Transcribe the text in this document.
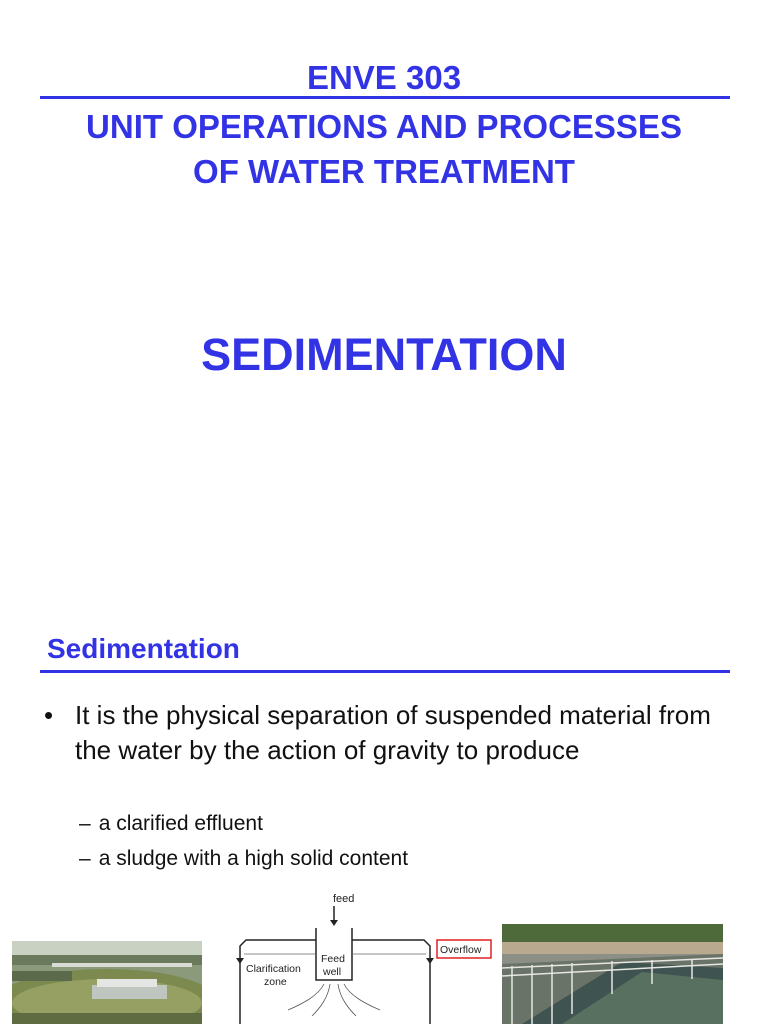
ENVE 303
UNIT OPERATIONS AND PROCESSES
OF WATER TREATMENT
SEDIMENTATION
Sedimentation
• It is the physical separation of suspended material from the water by the action of gravity to produce
– a clarified effluent
– a sludge with a high solid content
feed
Clarification
zone
Feed
well
Overflow
